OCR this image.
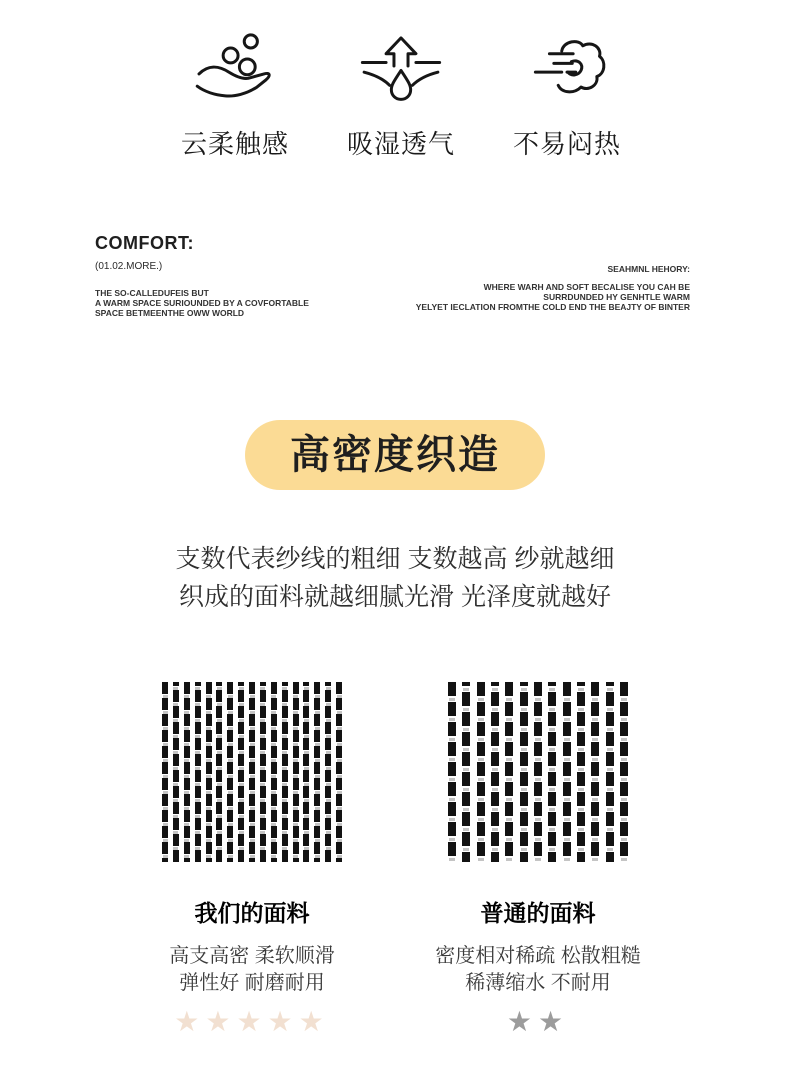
云柔触感 吸湿透气 不易闷热
COMFORT:
(01.02.MORE.)
THE SO-CALLEDUFEIS BUT
A WARM SPACE SURIOUNDED BY A COVFORTABLE
SPACE BETMEENTHE OWW WORLD
SEAHMNL HEHORY:
WHERE WARH AND SOFT BECALISE YOU CAH BE
SURRDUNDED HY GENHTLE WARM
YELYET IECLATION FROMTHE COLD END THE BEAJTY OF BINTER
高密度织造
支数代表纱线的粗细 支数越高 纱就越细
织成的面料就越细腻光滑 光泽度就越好
我们的面料
高支高密 柔软顺滑
弹性好 耐磨耐用
★★★★★
普通的面料
密度相对稀疏 松散粗糙
稀薄缩水 不耐用
★★
